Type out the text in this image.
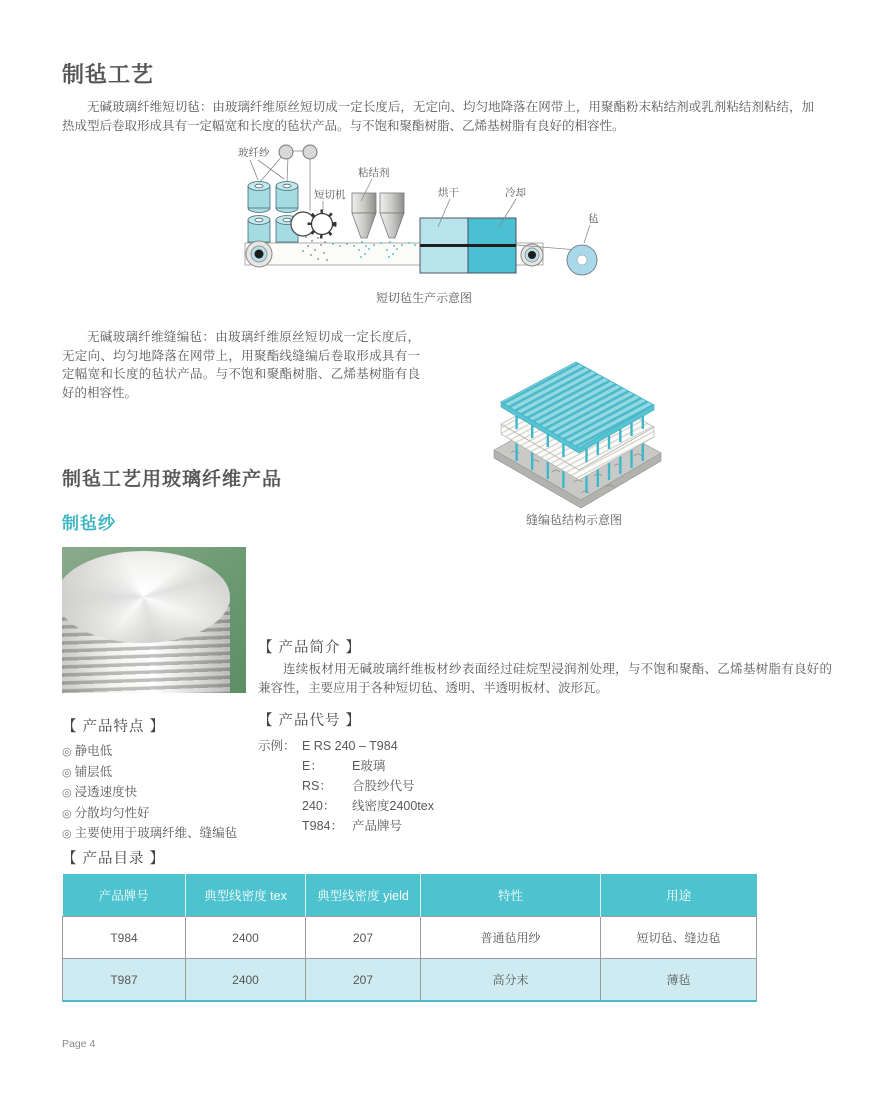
制毡工艺
无碱玻璃纤维短切毡：由玻璃纤维原丝短切成一定长度后，无定向、均匀地降落在网带上，用聚酯粉末粘结剂或乳剂粘结剂粘结，加热成型后卷取形成具有一定幅宽和长度的毡状产品。与不饱和聚酯树脂、乙烯基树脂有良好的相容性。
玻纤纱
短切机
粘结剂
烘干	冷却
毡
短切毡生产示意图
无碱玻璃纤维缝编毡：由玻璃纤维原丝短切成一定长度后，无定向、均匀地降落在网带上，用聚酯线缝编后卷取形成具有一定幅宽和长度的毡状产品。与不饱和聚酯树脂、乙烯基树脂有良好的相容性。
缝编毡结构示意图
制毡工艺用玻璃纤维产品
制毡纱
【 产品简介 】
连续板材用无碱玻璃纤维板材纱表面经过硅烷型浸润剂处理，与不饱和聚酯、乙烯基树脂有良好的兼容性，主要应用于各种短切毡、透明、半透明板材、波形瓦。
【 产品特点 】
◎ 静电低
◎ 铺层低
◎ 浸透速度快
◎ 分散均匀性好
◎ 主要使用于玻璃纤维、缝编毡
【 产品代号 】
示例： E RS 240 – T984
E：	E玻璃
RS：	合股纱代号
240：	线密度2400tex
T984： 产品牌号
【 产品目录 】
产品牌号	典型线密度 tex	典型线密度 yield	特性	用途
T984	2400	207	普通毡用纱	短切毡、缝边毡
T987	2400	207	高分末	薄毡
Page 4
